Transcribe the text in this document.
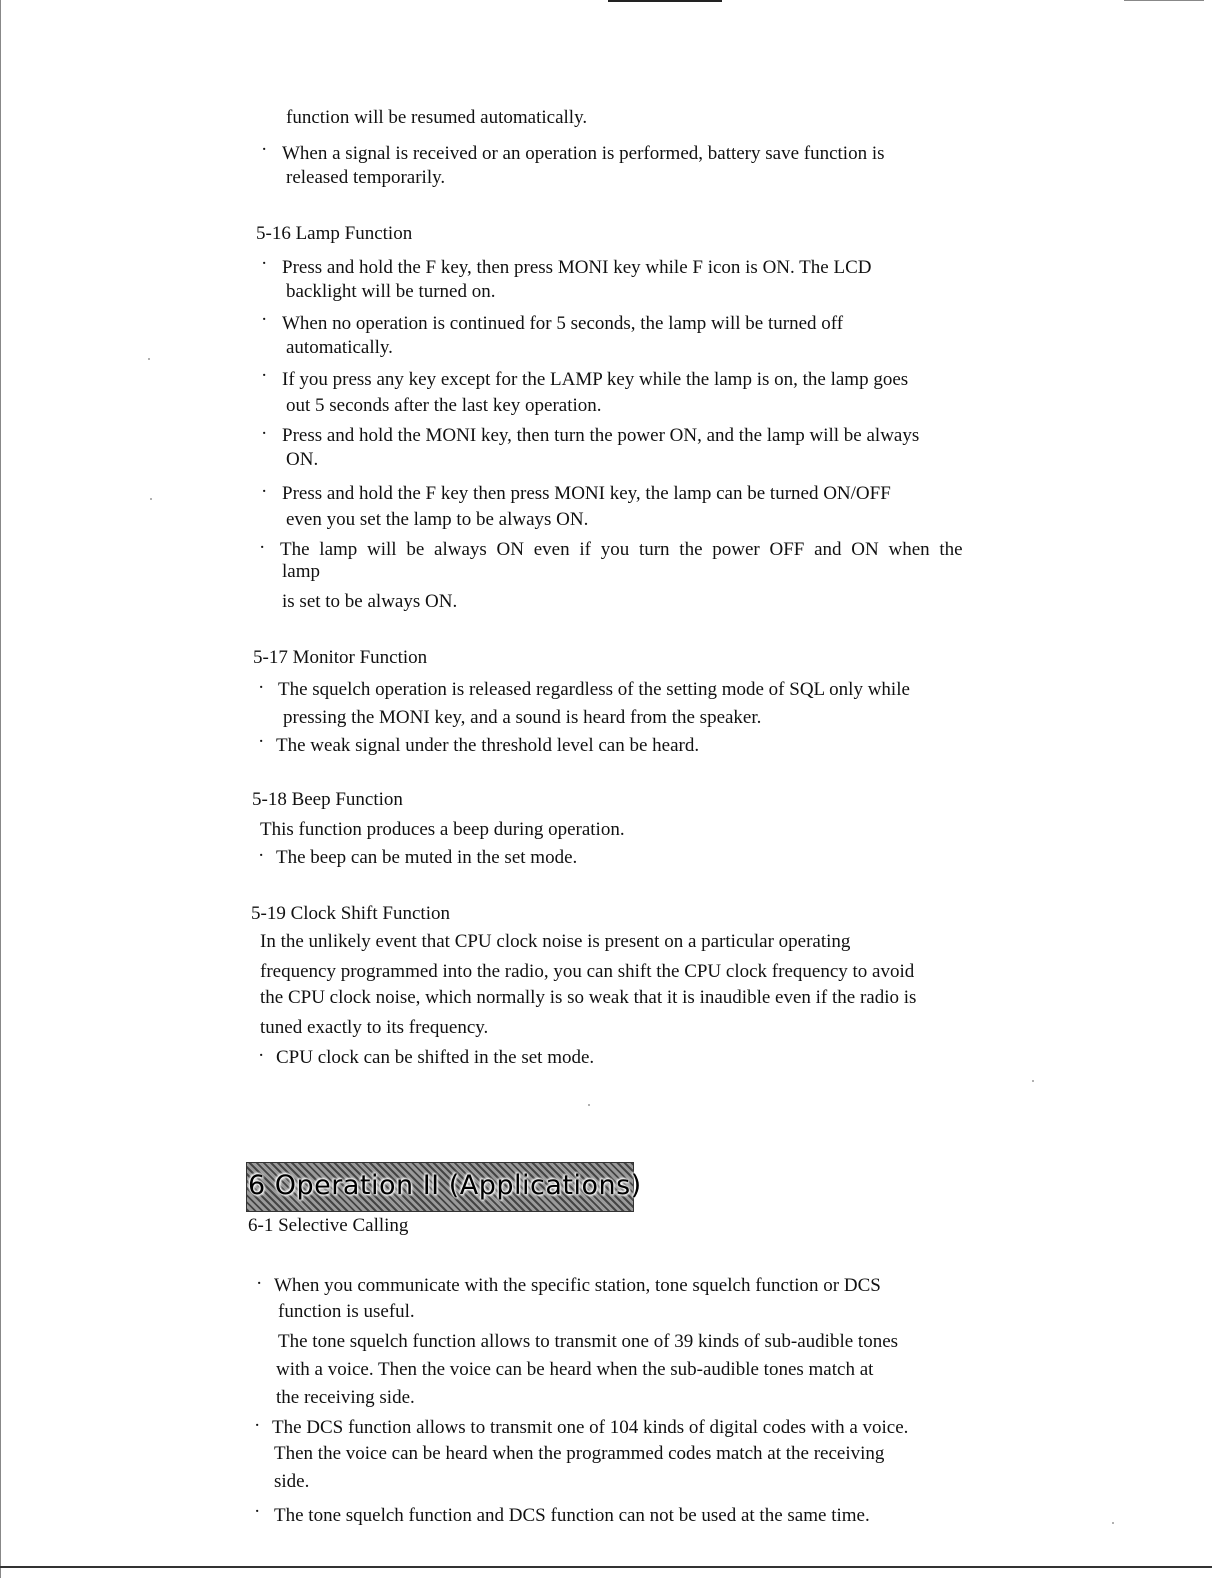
function will be resumed automatically.
· When a signal is received or an operation is performed, battery save function is
released temporarily.
5-16 Lamp Function
· Press and hold the F key, then press MONI key while F icon is ON. The LCD
backlight will be turned on.
· When no operation is continued for 5 seconds, the lamp will be turned off
automatically.
· If you press any key except for the LAMP key while the lamp is on, the lamp goes
out 5 seconds after the last key operation.
· Press and hold the MONI key, then turn the power ON, and the lamp will be always
ON.
· Press and hold the F key then press MONI key, the lamp can be turned ON/OFF
even you set the lamp to be always ON.
· The lamp will be always ON even if you turn the power OFF and ON when the
lamp
is set to be always ON.
5-17 Monitor Function
· The squelch operation is released regardless of the setting mode of SQL only while
pressing the MONI key, and a sound is heard from the speaker.
· The weak signal under the threshold level can be heard.
5-18 Beep Function
This function produces a beep during operation.
· The beep can be muted in the set mode.
5-19 Clock Shift Function
In the unlikely event that CPU clock noise is present on a particular operating
frequency programmed into the radio, you can shift the CPU clock frequency to avoid
the CPU clock noise, which normally is so weak that it is inaudible even if the radio is
tuned exactly to its frequency.
· CPU clock can be shifted in the set mode.
6 Operation II (Applications)
6-1 Selective Calling
· When you communicate with the specific station, tone squelch function or DCS
function is useful.
The tone squelch function allows to transmit one of 39 kinds of sub-audible tones
with a voice. Then the voice can be heard when the sub-audible tones match at
the receiving side.
· The DCS function allows to transmit one of 104 kinds of digital codes with a voice.
Then the voice can be heard when the programmed codes match at the receiving
side.
· The tone squelch function and DCS function can not be used at the same time.
